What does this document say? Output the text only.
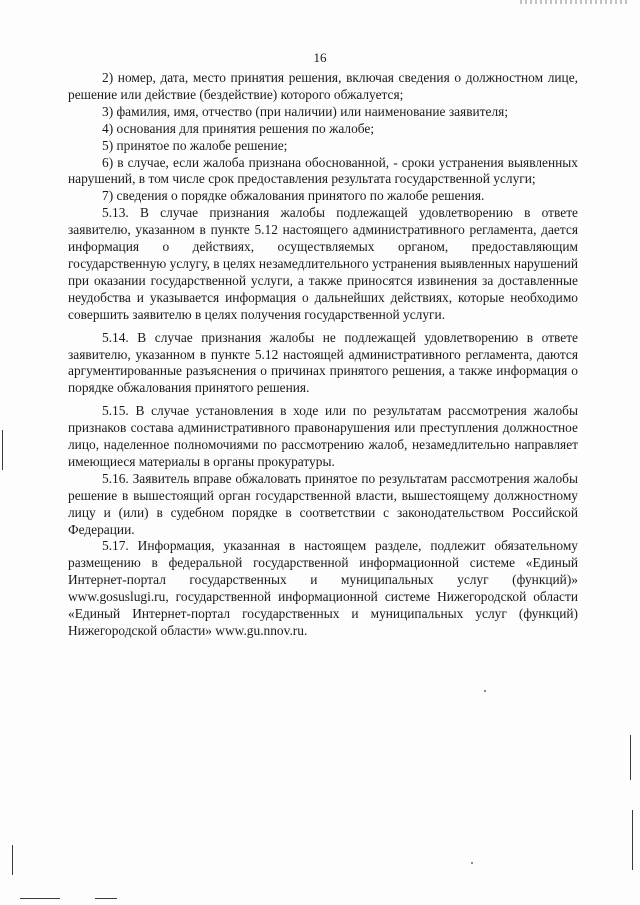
16

2) номер, дата, место принятия решения, включая сведения о должностном лице, решение или действие (бездействие) которого обжалуется;

3) фамилия, имя, отчество (при наличии) или наименование заявителя;

4) основания для принятия решения по жалобе;

5) принятое по жалобе решение;

6) в случае, если жалоба признана обоснованной, - сроки устранения выявленных нарушений, в том числе срок предоставления результата государственной услуги;

7) сведения о порядке обжалования принятого по жалобе решения.

5.13. В случае признания жалобы подлежащей удовлетворению в ответе заявителю, указанном в пункте 5.12 настоящего административного регламента, дается информация о действиях, осуществляемых органом, предоставляющим государственную услугу, в целях незамедлительного устранения выявленных нарушений при оказании государственной услуги, а также приносятся извинения за доставленные неудобства и указывается информация о дальнейших действиях, которые необходимо совершить заявителю в целях получения государственной услуги.

5.14. В случае признания жалобы не подлежащей удовлетворению в ответе заявителю, указанном в пункте 5.12 настоящей административного регламента, даются аргументированные разъяснения о причинах принятого решения, а также информация о порядке обжалования принятого решения.

5.15. В случае установления в ходе или по результатам рассмотрения жалобы признаков состава административного правонарушения или преступления должностное лицо, наделенное полномочиями по рассмотрению жалоб, незамедлительно направляет имеющиеся материалы в органы прокуратуры.

5.16. Заявитель вправе обжаловать принятое по результатам рассмотрения жалобы решение в вышестоящий орган государственной власти, вышестоящему должностному лицу и (или) в судебном порядке в соответствии с законодательством Российской Федерации.

5.17. Информация, указанная в настоящем разделе, подлежит обязательному размещению в федеральной государственной информационной системе «Единый Интернет-портал государственных и муниципальных услуг (функций)» www.gosuslugi.ru, государственной информационной системе Нижегородской области «Единый Интернет-портал государственных и муниципальных услуг (функций) Нижегородской области» www.gu.nnov.ru.
